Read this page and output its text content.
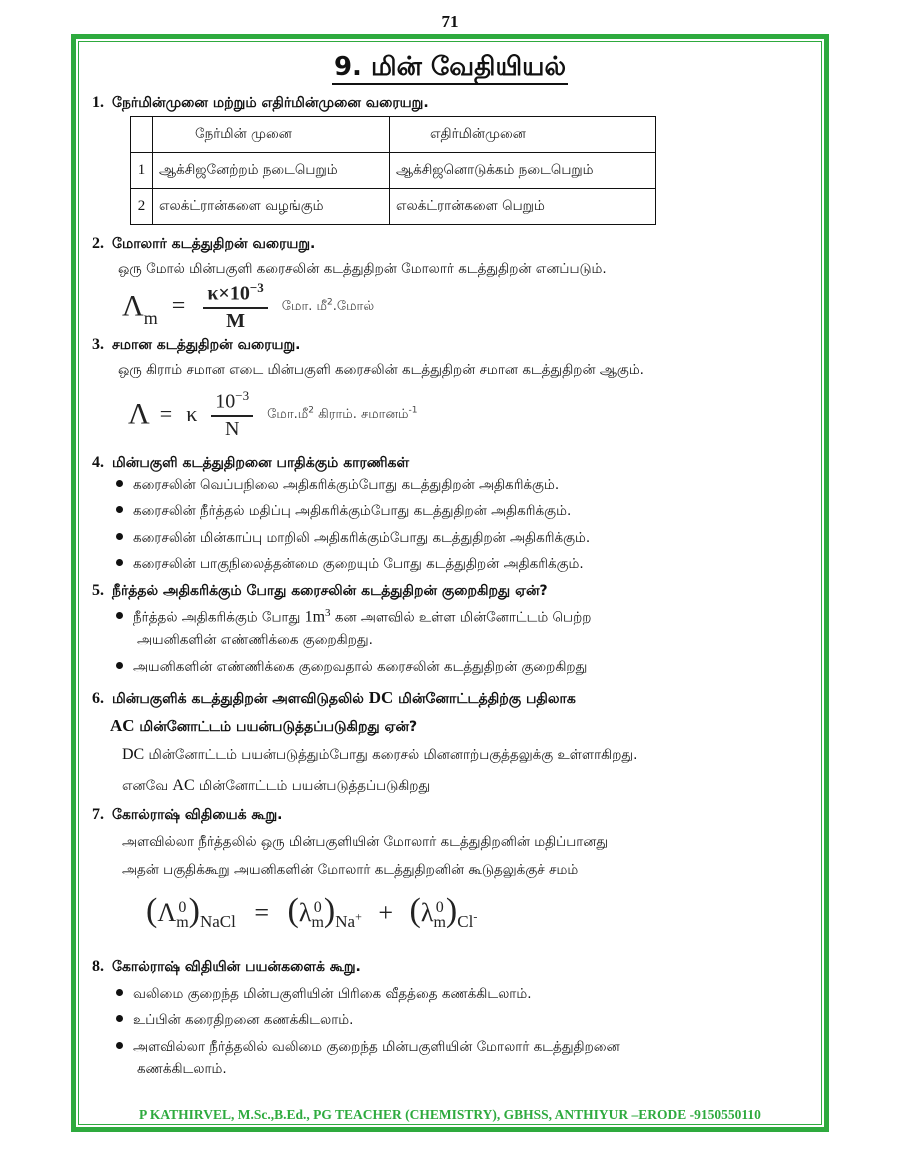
71
9. மின் வேதியியல்
1. நேர்மின்முனை மற்றும் எதிர்மின்முனை வரையறு.
	நேர்மின் முனை	எதிர்மின்முனை
1	ஆக்சிஜனேற்றம் நடைபெறும்	ஆக்சிஜனொடுக்கம் நடைபெறும்
2	எலக்ட்ரான்களை வழங்கும்	எலக்ட்ரான்களை பெறும்
2. மோலார் கடத்துதிறன் வரையறு.
ஒரு மோல் மின்பகுளி கரைசலின் கடத்துதிறன் மோலார் கடத்துதிறன் எனப்படும்.
$\Lambda_m = \frac{\kappa\times 10^{-3}}{M}$ மோ. மீ$^2$.மோல்
3. சமான கடத்துதிறன் வரையறு.
ஒரு கிராம் சமான எடை மின்பகுளி கரைசலின் கடத்துதிறன் சமான கடத்துதிறன் ஆகும்.
Λ = κ $\frac{10^{-3}}{N}$ மோ.மீ$^2$ கிராம். சமானம்$^{-1}$
4. மின்பகுளி கடத்துதிறனை பாதிக்கும் காரணிகள்
கரைசலின் வெப்பநிலை அதிகரிக்கும்போது கடத்துதிறன் அதிகரிக்கும்.
கரைசலின் நீர்த்தல் மதிப்பு அதிகரிக்கும்போது கடத்துதிறன் அதிகரிக்கும்.
கரைசலின் மின்காப்பு மாறிலி அதிகரிக்கும்போது கடத்துதிறன் அதிகரிக்கும்.
கரைசலின் பாகுநிலைத்தன்மை குறையும் போது கடத்துதிறன் அதிகரிக்கும்.
5. நீர்த்தல் அதிகரிக்கும் போது கரைசலின் கடத்துதிறன் குறைகிறது ஏன்?
நீர்த்தல் அதிகரிக்கும் போது $1m^3$ கன அளவில் உள்ள மின்னோட்டம் பெற்ற
அயனிகளின் எண்ணிக்கை குறைகிறது.
அயனிகளின் எண்ணிக்கை குறைவதால் கரைசலின் கடத்துதிறன் குறைகிறது
6. மின்பகுளிக் கடத்துதிறன் அளவிடுதலில் DC மின்னோட்டத்திற்கு பதிலாக
AC மின்னோட்டம் பயன்படுத்தப்படுகிறது ஏன்?
DC மின்னோட்டம் பயன்படுத்தும்போது கரைசல் மினனாற்பகுத்தலுக்கு உள்ளாகிறது.
எனவே AC மின்னோட்டம் பயன்படுத்தப்படுகிறது
7. கோல்ராஷ் விதியைக் கூறு.
அளவில்லா நீர்த்தலில் ஒரு மின்பகுளியின் மோலார் கடத்துதிறனின் மதிப்பானது
அதன் பகுதிக்கூறு அயனிகளின் மோலார் கடத்துதிறனின் கூடுதலுக்குச் சமம்
(Λ 0
m )$_{NaCl} = (\lambda$ 0
m )$_{Na^+} + (\lambda$ 0
m )$_{Cl^-}$
8. கோல்ராஷ் விதியின் பயன்களைக் கூறு.
வலிமை குறைந்த மின்பகுளியின் பிரிகை வீதத்தை கணக்கிடலாம்.
உப்பின் கரைதிறனை கணக்கிடலாம்.
அளவில்லா நீர்த்தலில் வலிமை குறைந்த மின்பகுளியின் மோலார் கடத்துதிறனை
கணக்கிடலாம்.
P KATHIRVEL, M.Sc.,B.Ed., PG TEACHER (CHEMISTRY), GBHSS, ANTHIYUR –ERODE -9150550110
